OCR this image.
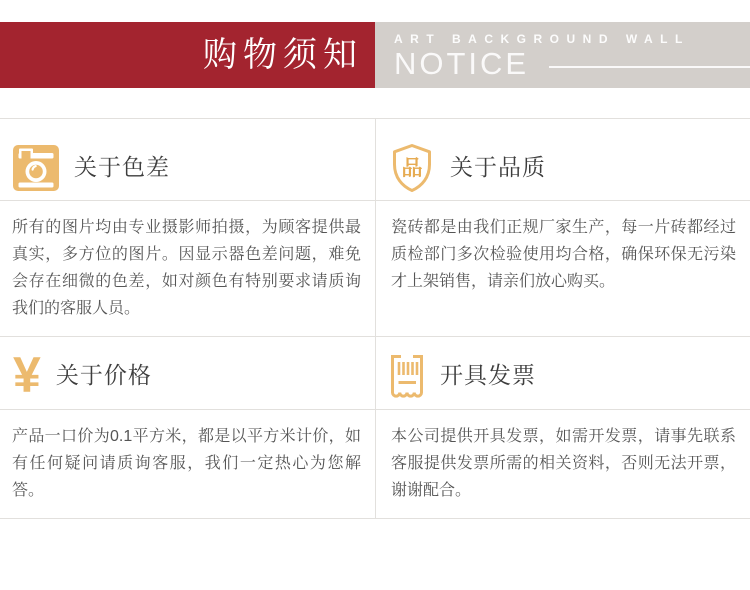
购物须知	ART BACKGROUND WALL
NOTICE
关于色差	品 关于品质
所有的图片均由专业摄影师拍摄，为顾客提供最真实，多方位的图片。因显示器色差问题，难免会存在细微的色差，如对颜色有特别要求请质询我们的客服人员。
瓷砖都是由我们正规厂家生产，每一片砖都经过质检部门多次检验使用均合格，确保环保无污染才上架销售，请亲们放心购买。
¥ 关于价格	开具发票
产品一口价为0.1平方米，都是以平方米计价，如有任何疑问请质询客服，我们一定热心为您解答。
本公司提供开具发票，如需开发票，请事先联系客服提供发票所需的相关资料，否则无法开票，谢谢配合。
